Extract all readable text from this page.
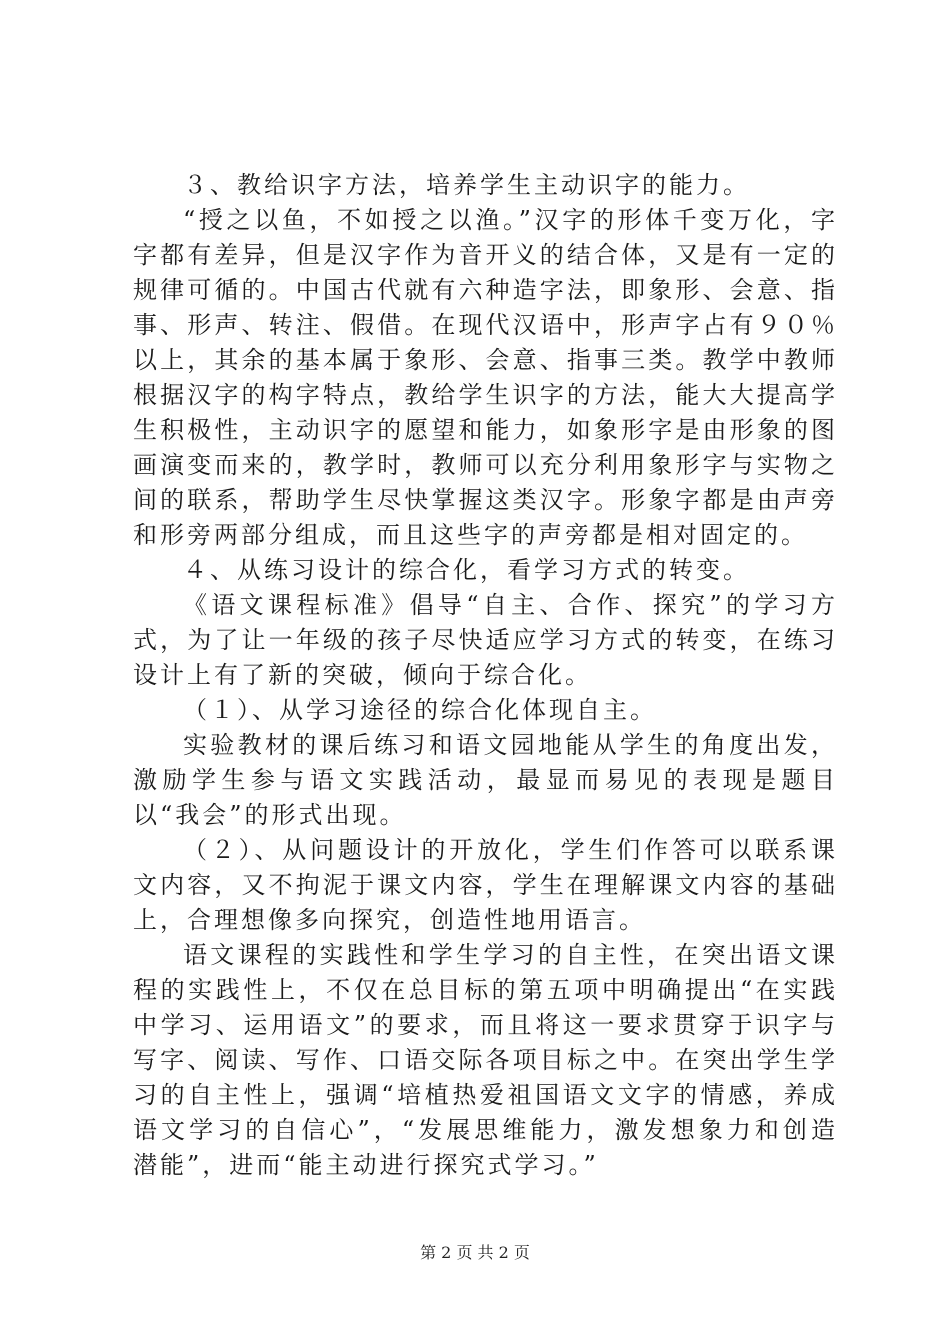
３、教给识字方法，培养学生主动识字的能力。

“授之以鱼，不如授之以渔。”汉字的形体千变万化，字字都有差异，但是汉字作为音开义的结合体，又是有一定的规律可循的。中国古代就有六种造字法，即象形、会意、指事、形声、转注、假借。在现代汉语中，形声字占有９０％以上，其余的基本属于象形、会意、指事三类。教学中教师根据汉字的构字特点，教给学生识字的方法，能大大提高学生积极性，主动识字的愿望和能力，如象形字是由形象的图画演变而来的，教学时，教师可以充分利用象形字与实物之间的联系，帮助学生尽快掌握这类汉字。形象字都是由声旁和形旁两部分组成，而且这些字的声旁都是相对固定的。

４、从练习设计的综合化，看学习方式的转变。

《语文课程标准》倡导“自主、合作、探究”的学习方式，为了让一年级的孩子尽快适应学习方式的转变，在练习设计上有了新的突破，倾向于综合化。

（１）、从学习途径的综合化体现自主。

实验教材的课后练习和语文园地能从学生的角度出发，激励学生参与语文实践活动，最显而易见的表现是题目以“我会”的形式出现。

（２）、从问题设计的开放化，学生们作答可以联系课文内容，又不拘泥于课文内容，学生在理解课文内容的基础上，合理想像多向探究，创造性地用语言。

语文课程的实践性和学生学习的自主性，在突出语文课程的实践性上，不仅在总目标的第五项中明确提出“在实践中学习、运用语文”的要求，而且将这一要求贯穿于识字与写字、阅读、写作、口语交际各项目标之中。在突出学生学习的自主性上，强调“培植热爱祖国语文文字的情感，养成语文学习的自信心”，“发展思维能力，激发想象力和创造潜能”，进而“能主动进行探究式学习。”

第 2 页 共 2 页
